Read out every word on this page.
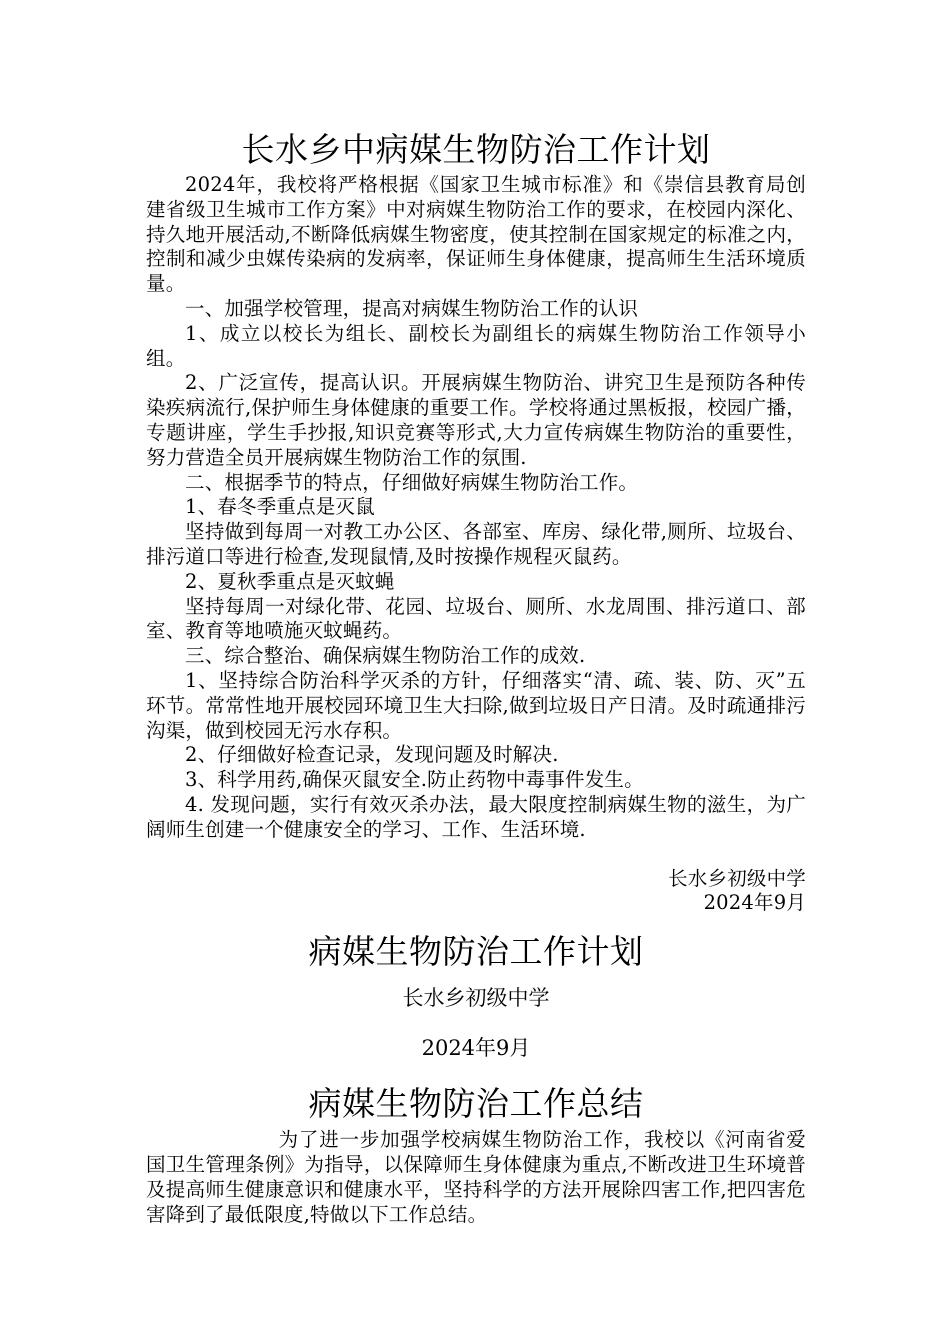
长水乡中病媒生物防治工作计划

2024年，我校将严格根据《国家卫生城市标准》和《崇信县教育局创建省级卫生城市工作方案》中对病媒生物防治工作的要求，在校园内深化、持久地开展活动,不断降低病媒生物密度，使其控制在国家规定的标准之内，控制和减少虫媒传染病的发病率，保证师生身体健康，提高师生生活环境质量。

一、加强学校管理，提高对病媒生物防治工作的认识

1、成立以校长为组长、副校长为副组长的病媒生物防治工作领导小组。

2、广泛宣传，提高认识。开展病媒生物防治、讲究卫生是预防各种传染疾病流行,保护师生身体健康的重要工作。学校将通过黑板报，校园广播，专题讲座，学生手抄报,知识竞赛等形式,大力宣传病媒生物防治的重要性，努力营造全员开展病媒生物防治工作的氛围.

二、根据季节的特点，仔细做好病媒生物防治工作。

1、春冬季重点是灭鼠

坚持做到每周一对教工办公区、各部室、库房、绿化带,厕所、垃圾台、排污道口等进行检查,发现鼠情,及时按操作规程灭鼠药。

2、夏秋季重点是灭蚊蝇

坚持每周一对绿化带、花园、垃圾台、厕所、水龙周围、排污道口、部室、教育等地喷施灭蚊蝇药。

三、综合整治、确保病媒生物防治工作的成效.

1、坚持综合防治科学灭杀的方针，仔细落实“清、疏、装、防、灭”五环节。常常性地开展校园环境卫生大扫除,做到垃圾日产日清。及时疏通排污沟渠，做到校园无污水存积。

2、仔细做好检查记录，发现问题及时解决.

3、科学用药,确保灭鼠安全.防止药物中毒事件发生。

4. 发现问题，实行有效灭杀办法，最大限度控制病媒生物的滋生，为广阔师生创建一个健康安全的学习、工作、生活环境.

长水乡初级中学

2024年9月

病媒生物防治工作计划
长水乡初级中学
2024年9月
病媒生物防治工作总结

为了进一步加强学校病媒生物防治工作，我校以《河南省爱国卫生管理条例》为指导，以保障师生身体健康为重点,不断改进卫生环境普及提高师生健康意识和健康水平，坚持科学的方法开展除四害工作,把四害危害降到了最低限度,特做以下工作总结。
